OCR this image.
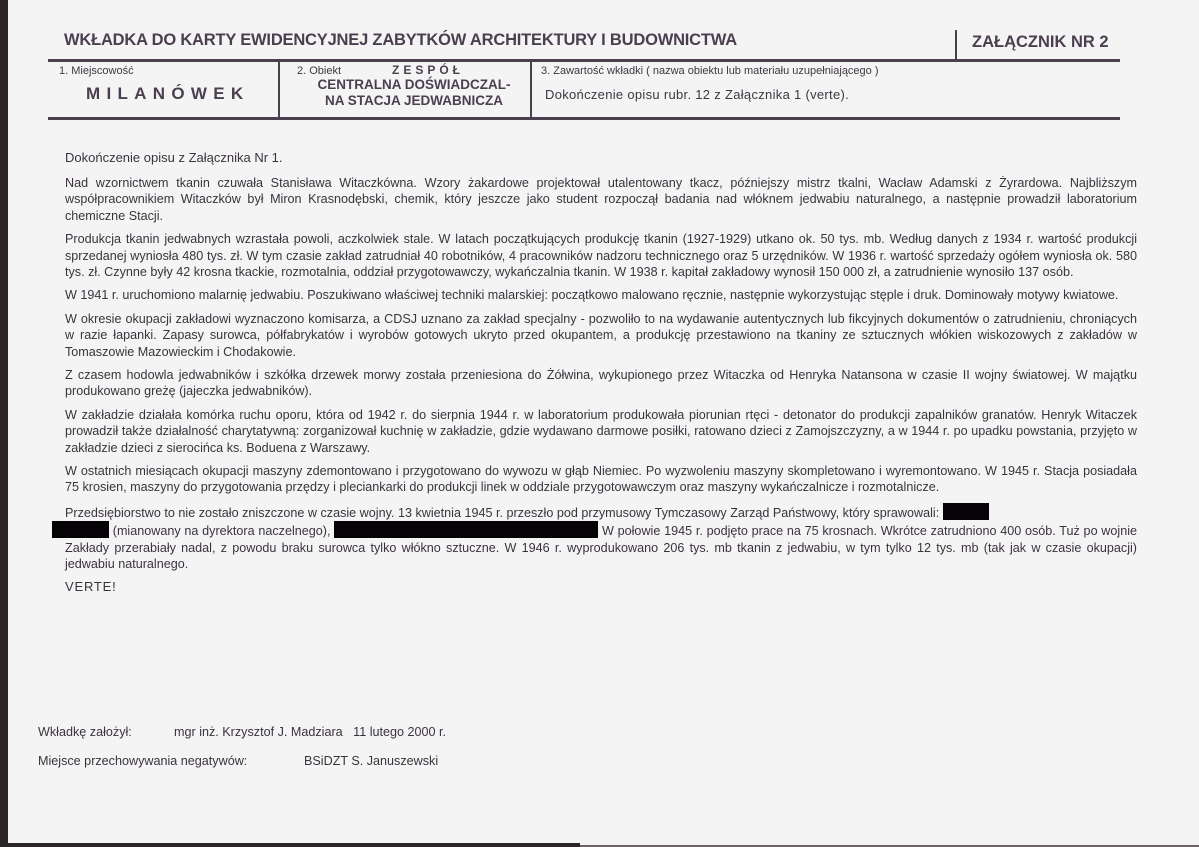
WKŁADKA DO KARTY EWIDENCYJNEJ ZABYTKÓW ARCHITEKTURY I BUDOWNICTWA	ZAŁĄCZNIK NR 2
1. Miejscowość
MILANÓWEK
2. Obiekt	ZESPÓŁ
CENTRALNA DOŚWIADCZAL-
NA STACJA JEDWABNICZA
3. Zawartość wkładki ( nazwa obiektu lub materiału uzupełniającego )
Dokończenie opisu rubr. 12 z Załącznika 1 (verte).

Dokończenie opisu z Załącznika Nr 1.

Nad wzornictwem tkanin czuwała Stanisława Witaczkówna. Wzory żakardowe projektował utalentowany tkacz, późniejszy mistrz tkalni, Wacław Adamski z Żyrardowa. Najbliższym współpracownikiem Witaczków był Miron Krasnodębski, chemik, który jeszcze jako student rozpoczął badania nad włóknem jedwabiu naturalnego, a następnie prowadził laboratorium chemiczne Stacji.

Produkcja tkanin jedwabnych wzrastała powoli, aczkolwiek stale. W latach początkujących produkcję tkanin (1927-1929) utkano ok. 50 tys. mb. Według danych z 1934 r. wartość produkcji sprzedanej wyniosła 480 tys. zł. W tym czasie zakład zatrudniał 40 robotników, 4 pracowników nadzoru technicznego oraz 5 urzędników. W 1936 r. wartość sprzedaży ogółem wyniosła ok. 580 tys. zł. Czynne były 42 krosna tkackie, rozmotalnia, oddział przygotowawczy, wykańczalnia tkanin. W 1938 r. kapitał zakładowy wynosił 150 000 zł, a zatrudnienie wynosiło 137 osób.

W 1941 r. uruchomiono malarnię jedwabiu. Poszukiwano właściwej techniki malarskiej: początkowo malowano ręcznie, następnie wykorzystując stęple i druk. Dominowały motywy kwiatowe.

W okresie okupacji zakładowi wyznaczono komisarza, a CDSJ uznano za zakład specjalny - pozwoliło to na wydawanie autentycznych lub fikcyjnych dokumentów o zatrudnieniu, chroniących w razie łapanki. Zapasy surowca, półfabrykatów i wyrobów gotowych ukryto przed okupantem, a produkcję przestawiono na tkaniny ze sztucznych włókien wiskozowych z zakładów w Tomaszowie Mazowieckim i Chodakowie.

Z czasem hodowla jedwabników i szkółka drzewek morwy została przeniesiona do Żółwina, wykupionego przez Witaczka od Henryka Natansona w czasie II wojny światowej. W majątku produkowano greżę (jajeczka jedwabników).

W zakładzie działała komórka ruchu oporu, która od 1942 r. do sierpnia 1944 r. w laboratorium produkowała piorunian rtęci - detonator do produkcji zapalników granatów. Henryk Witaczek prowadził także działalność charytatywną: zorganizował kuchnię w zakładzie, gdzie wydawano darmowe posiłki, ratowano dzieci z Zamojszczyzny, a w 1944 r. po upadku powstania, przyjęto w zakładzie dzieci z sierocińca ks. Boduena z Warszawy.

W ostatnich miesiącach okupacji maszyny zdemontowano i przygotowano do wywozu w głąb Niemiec. Po wyzwoleniu maszyny skompletowano i wyremontowano. W 1945 r. Stacja posiadała 75 krosien, maszyny do przygotowania przędzy i pleciankarki do produkcji linek w oddziale przygotowawczym oraz maszyny wykańczalnicze i rozmotalnicze.

Przedsiębiorstwo to nie zostało zniszczone w czasie wojny. 13 kwietnia 1945 r. przeszło pod przymusowy Tymczasowy Zarząd Państwowy, który sprawowali:
(mianowany na dyrektora naczelnego),	W połowie 1945 r. podjęto prace na 75 krosnach. Wkrótce zatrudniono 400 osób. Tuż po wojnie Zakłady przerabiały nadal, z powodu braku surowca tylko włókno sztuczne. W 1946 r. wyprodukowano 206 tys. mb tkanin z jedwabiu, w tym tylko 12 tys. mb (tak jak w czasie okupacji) jedwabiu naturalnego.

VERTE!

Wkładkę założył:	mgr inż. Krzysztof J. Madziara   11 lutego 2000 r.
Miejsce przechowywania negatywów:	BSiDZT S. Januszewski
